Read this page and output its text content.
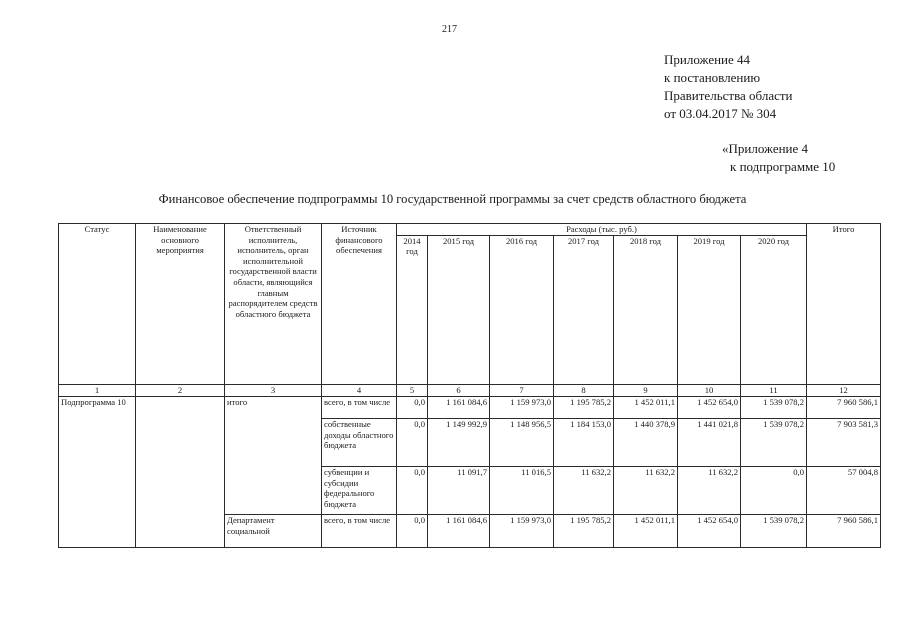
217
Приложение 44
к постановлению
Правительства области
от 03.04.2017 № 304
«Приложение 4
к подпрограмме 10
Финансовое обеспечение подпрограммы 10 государственной программы за счет средств областного бюджета
Статус	Наименование основного мероприятия	Ответственный исполнитель, исполнитель, орган исполнительной государственной власти области, являющийся главным распорядителем средств областного бюджета	Источник финансового обеспечения	Расходы (тыс. руб.)							Итого
				2014 год	2015 год	2016 год	2017 год	2018 год	2019 год	2020 год	
1	2	3	4	5	6	7	8	9	10	11	12
Подпрограмма 10		итого	всего, в том числе	0,0	1 161 084,6	1 159 973,0	1 195 785,2	1 452 011,1	1 452 654,0	1 539 078,2	7 960 586,1
			собственные доходы областного бюджета	0,0	1 149 992,9	1 148 956,5	1 184 153,0	1 440 378,9	1 441 021,8	1 539 078,2	7 903 581,3
			субвенции и субсидии федерального бюджета	0,0	11 091,7	11 016,5	11 632,2	11 632,2	11 632,2	0,0	57 004,8
		Департамент социальной	всего, в том числе	0,0	1 161 084,6	1 159 973,0	1 195 785,2	1 452 011,1	1 452 654,0	1 539 078,2	7 960 586,1
